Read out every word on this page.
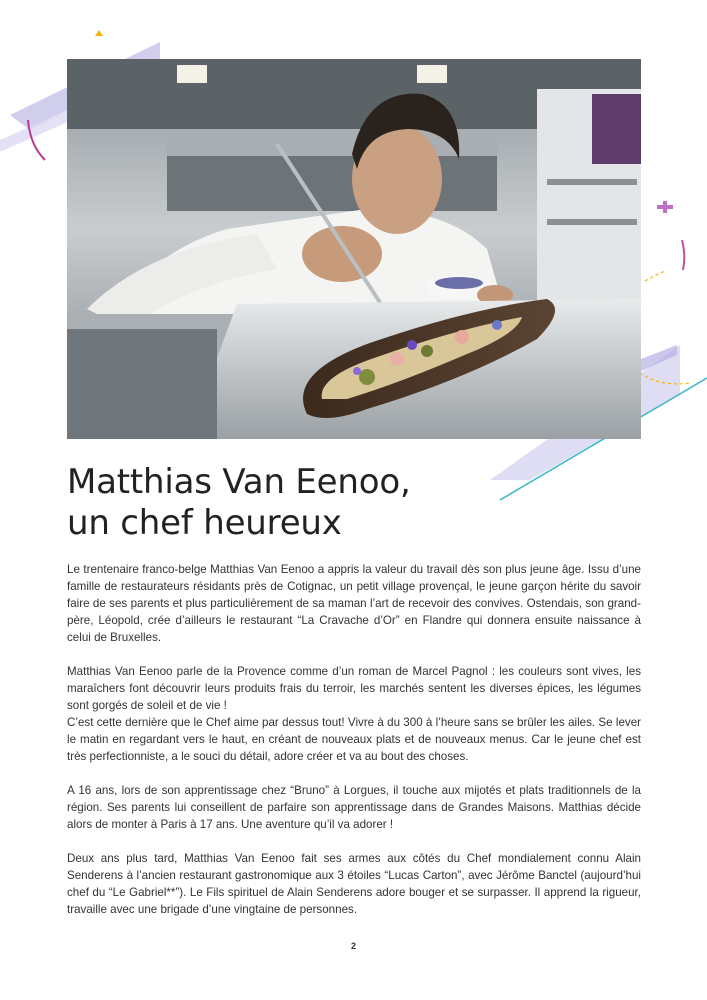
Matthias Van Eenoo,
un chef heureux

Le trentenaire franco-belge Matthias Van Eenoo a appris la valeur du travail dès son plus jeune âge. Issu d’une famille de restaurateurs résidants près de Cotignac, un petit village provençal, le jeune garçon hérite du savoir faire de ses parents et plus particulièrement de sa maman l’art de recevoir des convives. Ostendais, son grand-père, Léopold, crée d’ailleurs le restaurant “La Cravache d’Or” en Flandre qui donnera ensuite naissance à celui de Bruxelles.

Matthias Van Eenoo parle de la Provence comme d’un roman de Marcel Pagnol : les couleurs sont vives, les maraîchers font découvrir leurs produits frais du terroir, les marchés sentent les diverses épices, les légumes sont gorgés de soleil et de vie !

C’est cette dernière que le Chef aime par dessus tout! Vivre à du 300 à l’heure sans se brûler les ailes. Se lever le matin en regardant vers le haut, en créant de nouveaux plats et de nouveaux menus. Car le jeune chef est très perfectionniste, a le souci du détail, adore créer et va au bout des choses.

A 16 ans, lors de son apprentissage chez “Bruno” à Lorgues, il touche aux mijotés et plats traditionnels de la région. Ses parents lui conseillent de parfaire son apprentissage dans de Grandes Maisons. Matthias décide alors de monter à Paris à 17 ans. Une aventure qu’il va adorer !

Deux ans plus tard, Matthias Van Eenoo fait ses armes aux côtés du Chef mondialement connu Alain Senderens à l’ancien restaurant gastronomique aux 3 étoiles “Lucas Carton”, avec Jérôme Banctel (aujourd’hui chef du “Le Gabriel**”). Le Fils spirituel de Alain Senderens adore bouger et se surpasser. Il apprend la rigueur, travaille avec une brigade d’une vingtaine de personnes.

2
